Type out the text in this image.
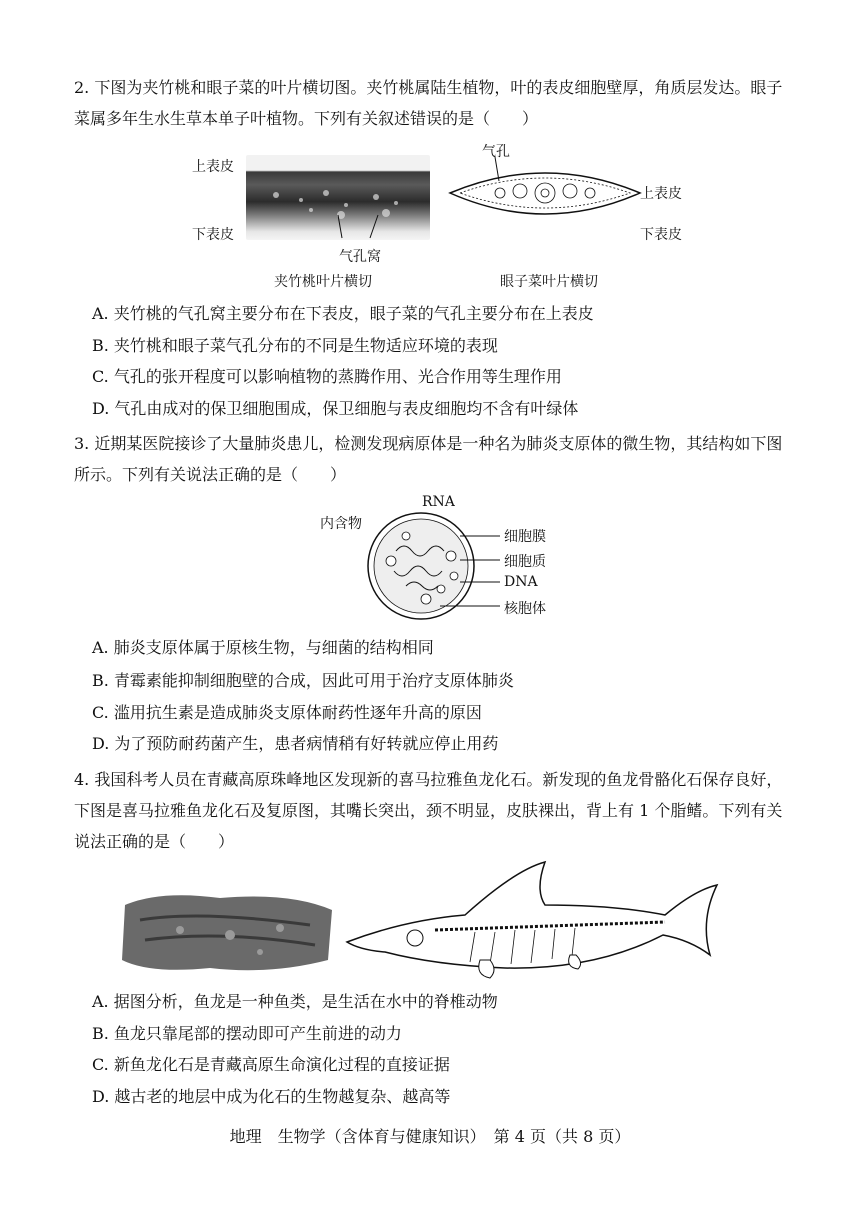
2. 下图为夹竹桃和眼子菜的叶片横切图。夹竹桃属陆生植物，叶的表皮细胞壁厚，角质层发达。眼子菜属多年生水生草本单子叶植物。下列有关叙述错误的是（　　）
上表皮
下表皮
气孔窝
夹竹桃叶片横切
气孔
上表皮
下表皮
眼子菜叶片横切
A. 夹竹桃的气孔窝主要分布在下表皮，眼子菜的气孔主要分布在上表皮
B. 夹竹桃和眼子菜气孔分布的不同是生物适应环境的表现
C. 气孔的张开程度可以影响植物的蒸腾作用、光合作用等生理作用
D. 气孔由成对的保卫细胞围成，保卫细胞与表皮细胞均不含有叶绿体
3. 近期某医院接诊了大量肺炎患儿，检测发现病原体是一种名为肺炎支原体的微生物，其结构如下图所示。下列有关说法正确的是（　　）
RNA
内含物
细胞膜
细胞质
DNA
核胞体
A. 肺炎支原体属于原核生物，与细菌的结构相同
B. 青霉素能抑制细胞壁的合成，因此可用于治疗支原体肺炎
C. 滥用抗生素是造成肺炎支原体耐药性逐年升高的原因
D. 为了预防耐药菌产生，患者病情稍有好转就应停止用药
4. 我国科考人员在青藏高原珠峰地区发现新的喜马拉雅鱼龙化石。新发现的鱼龙骨骼化石保存良好，下图是喜马拉雅鱼龙化石及复原图，其嘴长突出，颈不明显，皮肤裸出，背上有 1 个脂鳍。下列有关说法正确的是（　　）
A. 据图分析，鱼龙是一种鱼类，是生活在水中的脊椎动物
B. 鱼龙只靠尾部的摆动即可产生前进的动力
C. 新鱼龙化石是青藏高原生命演化过程的直接证据
D. 越古老的地层中成为化石的生物越复杂、越高等
地理　生物学（含体育与健康知识）　第 4 页（共 8 页）
